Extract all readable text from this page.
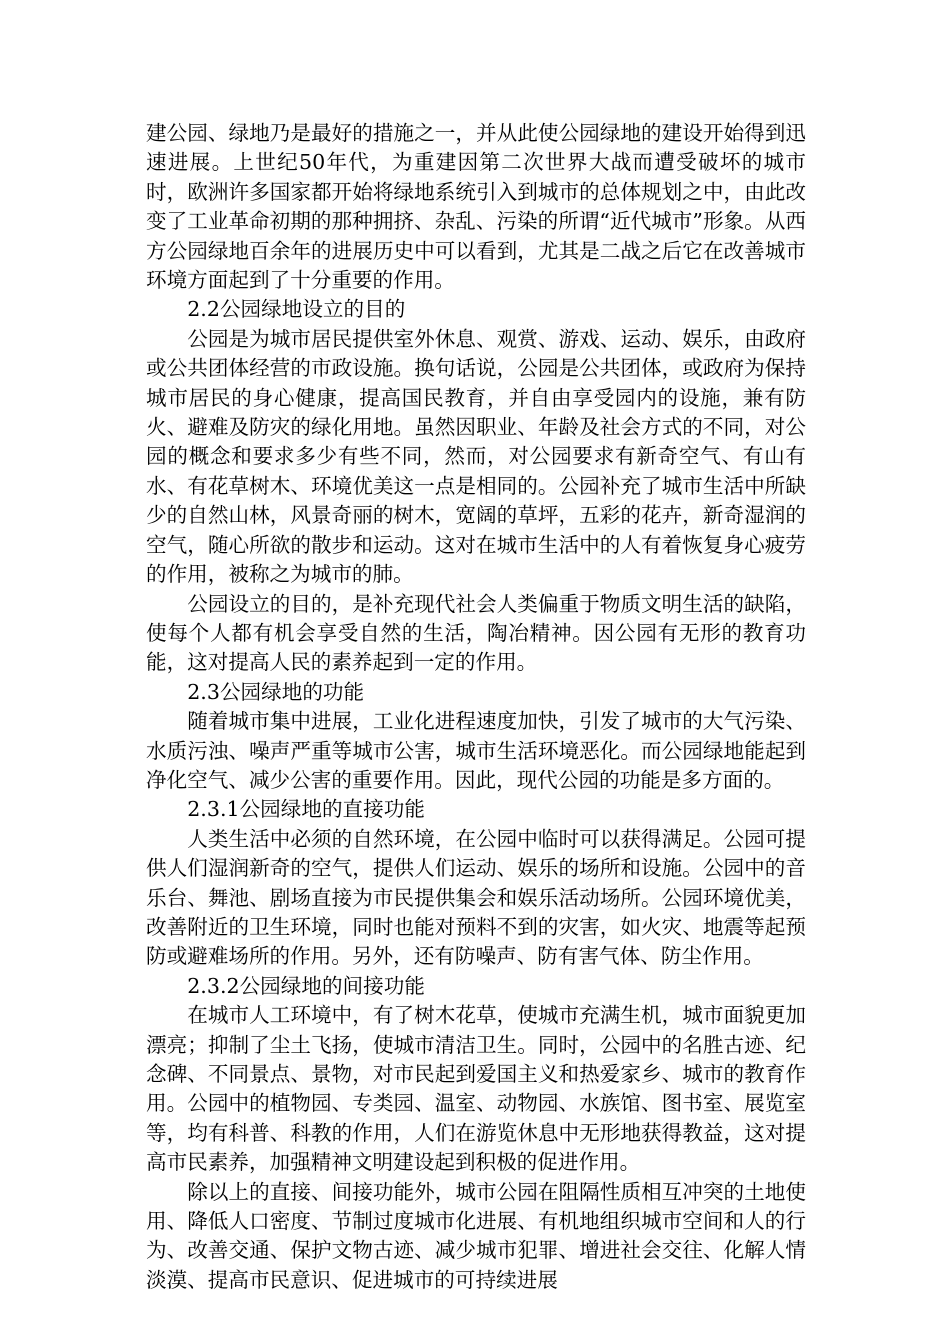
建公园、绿地乃是最好的措施之一，并从此使公园绿地的建设开始得到迅速进展。上世纪50年代，为重建因第二次世界大战而遭受破坏的城市时，欧洲许多国家都开始将绿地系统引入到城市的总体规划之中，由此改变了工业革命初期的那种拥挤、杂乱、污染的所谓“近代城市”形象。从西方公园绿地百余年的进展历史中可以看到，尤其是二战之后它在改善城市环境方面起到了十分重要的作用。

2.2公园绿地设立的目的

公园是为城市居民提供室外休息、观赏、游戏、运动、娱乐，由政府或公共团体经营的市政设施。换句话说，公园是公共团体，或政府为保持城市居民的身心健康，提高国民教育，并自由享受园内的设施，兼有防火、避难及防灾的绿化用地。虽然因职业、年龄及社会方式的不同，对公园的概念和要求多少有些不同，然而，对公园要求有新奇空气、有山有水、有花草树木、环境优美这一点是相同的。公园补充了城市生活中所缺少的自然山林，风景奇丽的树木，宽阔的草坪，五彩的花卉，新奇湿润的空气，随心所欲的散步和运动。这对在城市生活中的人有着恢复身心疲劳的作用，被称之为城市的肺。

公园设立的目的，是补充现代社会人类偏重于物质文明生活的缺陷，使每个人都有机会享受自然的生活，陶冶精神。因公园有无形的教育功能，这对提高人民的素养起到一定的作用。

2.3公园绿地的功能

随着城市集中进展，工业化进程速度加快，引发了城市的大气污染、水质污浊、噪声严重等城市公害，城市生活环境恶化。而公园绿地能起到净化空气、减少公害的重要作用。因此，现代公园的功能是多方面的。

2.3.1公园绿地的直接功能

人类生活中必须的自然环境，在公园中临时可以获得满足。公园可提供人们湿润新奇的空气，提供人们运动、娱乐的场所和设施。公园中的音乐台、舞池、剧场直接为市民提供集会和娱乐活动场所。公园环境优美，改善附近的卫生环境，同时也能对预料不到的灾害，如火灾、地震等起预防或避难场所的作用。另外，还有防噪声、防有害气体、防尘作用。

2.3.2公园绿地的间接功能

在城市人工环境中，有了树木花草，使城市充满生机，城市面貌更加漂亮；抑制了尘土飞扬，使城市清洁卫生。同时，公园中的名胜古迹、纪念碑、不同景点、景物，对市民起到爱国主义和热爱家乡、城市的教育作用。公园中的植物园、专类园、温室、动物园、水族馆、图书室、展览室等，均有科普、科教的作用，人们在游览休息中无形地获得教益，这对提高市民素养，加强精神文明建设起到积极的促进作用。

除以上的直接、间接功能外，城市公园在阻隔性质相互冲突的土地使用、降低人口密度、节制过度城市化进展、有机地组织城市空间和人的行为、改善交通、保护文物古迹、减少城市犯罪、增进社会交往、化解人情淡漠、提高市民意识、促进城市的可持续进展
